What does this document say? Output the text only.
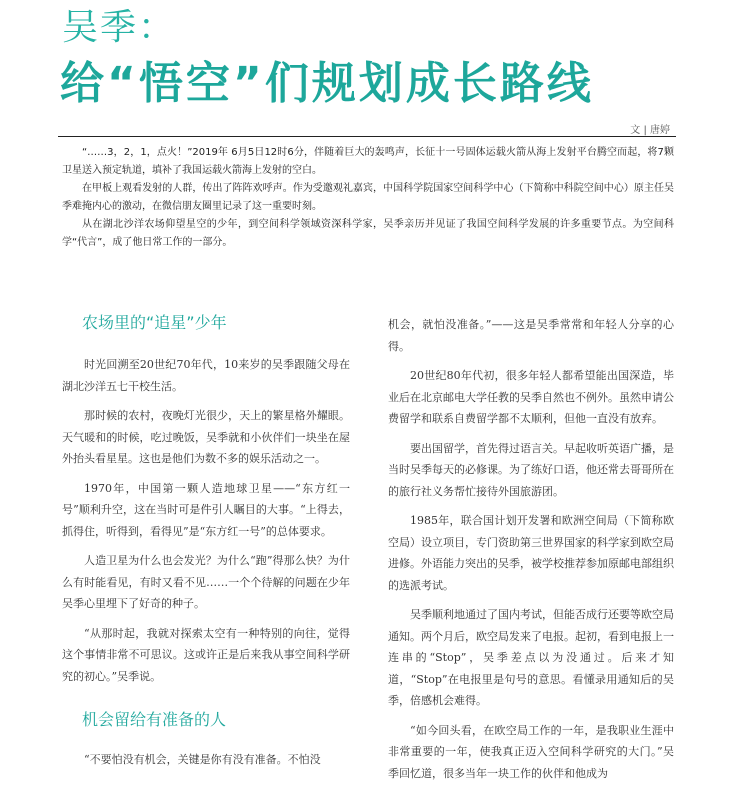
吴季：
给“悟空”们规划成长路线
文 | 唐婷

“……3，2，1，点火！”2019年 6月5日12时6分，伴随着巨大的轰鸣声，长征十一号固体运载火箭从海上发射平台腾空而起，将7颗卫星送入预定轨道，填补了我国运载火箭海上发射的空白。

在甲板上观看发射的人群，传出了阵阵欢呼声。作为受邀观礼嘉宾，中国科学院国家空间科学中心（下简称中科院空间中心）原主任吴季难掩内心的激动，在微信朋友圈里记录了这一重要时刻。

从在湖北沙洋农场仰望星空的少年，到空间科学领域资深科学家，吴季亲历并见证了我国空间科学发展的许多重要节点。为空间科学“代言”，成了他日常工作的一部分。

农场里的“追星”少年

时光回溯至20世纪70年代，10来岁的吴季跟随父母在湖北沙洋五七干校生活。

那时候的农村，夜晚灯光很少，天上的繁星格外耀眼。天气暖和的时候，吃过晚饭，吴季就和小伙伴们一块坐在屋外抬头看星星。这也是他们为数不多的娱乐活动之一。

1970年，中国第一颗人造地球卫星——“东方红一号”顺利升空，这在当时可是件引人瞩目的大事。“上得去，抓得住，听得到，看得见”是“东方红一号”的总体要求。

人造卫星为什么也会发光？为什么“跑”得那么快？为什么有时能看见，有时又看不见……一个个待解的问题在少年吴季心里埋下了好奇的种子。

“从那时起，我就对探索太空有一种特别的向往，觉得这个事情非常不可思议。这或许正是后来我从事空间科学研究的初心。”吴季说。

机会留给有准备的人

“不要怕没有机会，关键是你有没有准备。不怕没

机会，就怕没准备。”——这是吴季常常和年轻人分享的心得。

20世纪80年代初，很多年轻人都希望能出国深造，毕业后在北京邮电大学任教的吴季自然也不例外。虽然申请公费留学和联系自费留学都不太顺利，但他一直没有放弃。

要出国留学，首先得过语言关。早起收听英语广播，是当时吴季每天的必修课。为了练好口语，他还常去哥哥所在的旅行社义务帮忙接待外国旅游团。

1985年，联合国计划开发署和欧洲空间局（下简称欧空局）设立项目，专门资助第三世界国家的科学家到欧空局进修。外语能力突出的吴季，被学校推荐参加原邮电部组织的选派考试。

吴季顺利地通过了国内考试，但能否成行还要等欧空局通知。两个月后，欧空局发来了电报。起初，看到电报上一连串的“Stop”，吴季差点以为没通过。后来才知道，“Stop”在电报里是句号的意思。看懂录用通知后的吴季，倍感机会难得。

“如今回头看，在欧空局工作的一年，是我职业生涯中非常重要的一年，使我真正迈入空间科学研究的大门。”吴季回忆道，很多当年一块工作的伙伴和他成为
